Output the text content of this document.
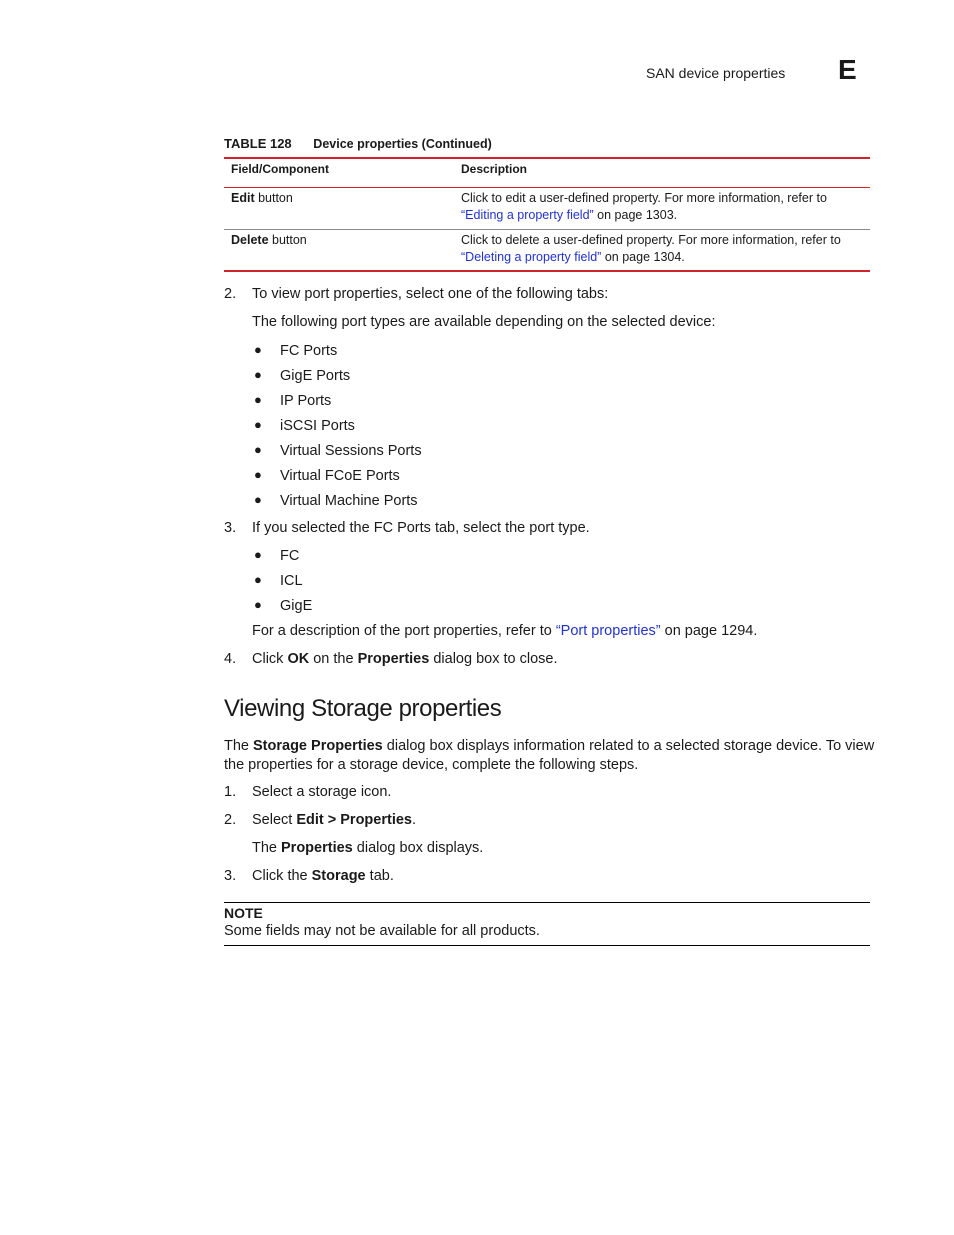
SAN device properties E
TABLE 128 Device properties (Continued)
Field/Component	Description
Edit button	Click to edit a user-defined property. For more information, refer to
“Editing a property field” on page 1303.
Delete button	Click to delete a user-defined property. For more information, refer to
“Deleting a property field” on page 1304.
2. To view port properties, select one of the following tabs:
The following port types are available depending on the selected device:
● FC Ports
● GigE Ports
● IP Ports
● iSCSI Ports
● Virtual Sessions Ports
● Virtual FCoE Ports
● Virtual Machine Ports
3. If you selected the FC Ports tab, select the port type.
● FC
● ICL
● GigE
For a description of the port properties, refer to “Port properties” on page 1294.
4. Click OK on the Properties dialog box to close.
Viewing Storage properties
The Storage Properties dialog box displays information related to a selected storage device. To view
the properties for a storage device, complete the following steps.
1. Select a storage icon.
2. Select Edit > Properties.
The Properties dialog box displays.
3. Click the Storage tab.
NOTE
Some fields may not be available for all products.
